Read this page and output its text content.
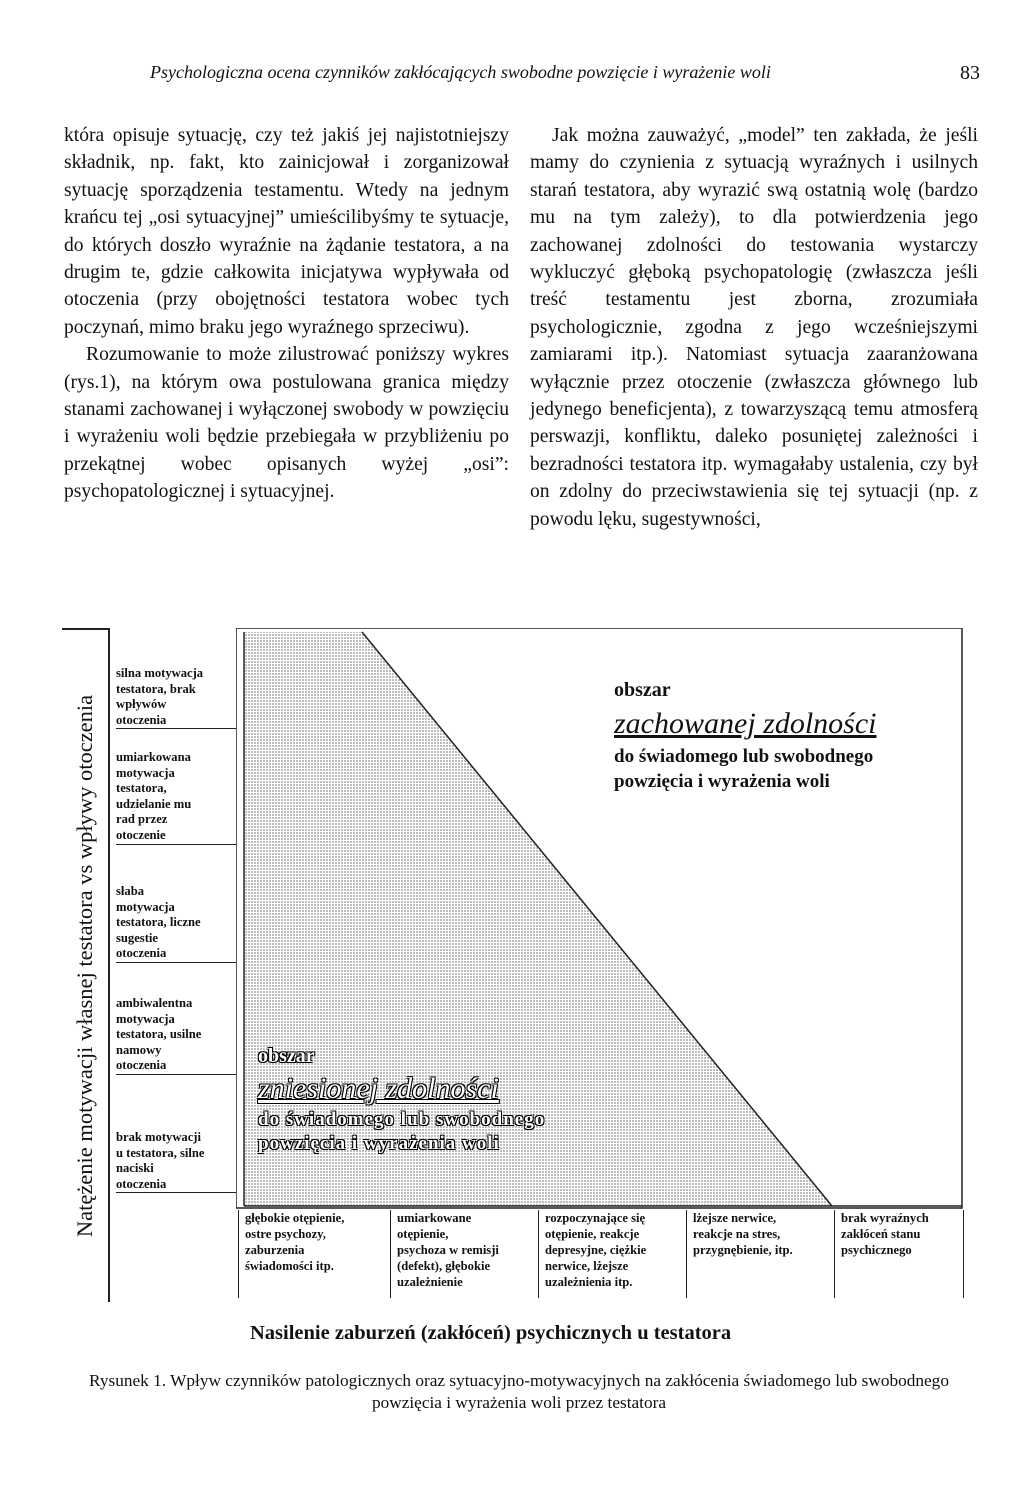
Psychologiczna ocena czynników zakłócających swobodne powzięcie i wyrażenie woli	83

która opisuje sytuację, czy też jakiś jej najistotniejszy składnik, np. fakt, kto zainicjował i zorganizował sytuację sporządzenia testamentu. Wtedy na jednym krańcu tej „osi sytuacyjnej” umieścilibyśmy te sytuacje, do których doszło wyraźnie na żądanie testatora, a na drugim te, gdzie całkowita inicjatywa wypływała od otoczenia (przy obojętności testatora wobec tych poczynań, mimo braku jego wyraźnego sprzeciwu).

Rozumowanie to może zilustrować poniższy wykres (rys.1), na którym owa postulowana granica między stanami zachowanej i wyłączonej swobody w powzięciu i wyrażeniu woli będzie przebiegała w przybliżeniu po przekątnej wobec opisanych wyżej „osi”: psychopatologicznej i sytuacyjnej.

Jak można zauważyć, „model” ten zakłada, że jeśli mamy do czynienia z sytuacją wyraźnych i usilnych starań testatora, aby wyrazić swą ostatnią wolę (bardzo mu na tym zależy), to dla potwierdzenia jego zachowanej zdolności do testowania wystarczy wykluczyć głęboką psychopatologię (zwłaszcza jeśli treść testamentu jest zborna, zrozumiała psychologicznie, zgodna z jego wcześniejszymi zamiarami itp.). Natomiast sytuacja zaaranżowana wyłącznie przez otoczenie (zwłaszcza głównego lub jedynego beneficjenta), z towarzyszącą temu atmosferą perswazji, konfliktu, daleko posuniętej zależności i bezradności testatora itp. wymagałaby ustalenia, czy był on zdolny do przeciwstawienia się tej sytuacji (np. z powodu lęku, sugestywności,

Natężenie motywacji własnej testatora vs wpływy otoczenia
silna motywacja
testatora, brak
wpływów
otoczenia
umiarkowana
motywacja
testatora,
udzielanie mu
rad przez
otoczenie
słaba
motywacja
testatora, liczne
sugestie
otoczenia
ambiwalentna
motywacja
testatora, usilne
namowy
otoczenia
brak motywacji
u testatora, silne
naciski
otoczenia
obszar
zachowanej zdolności
do świadomego lub swobodnego
powzięcia i wyrażenia woli
obszar
zniesionej zdolności
do świadomego lub swobodnego
powzięcia i wyrażenia woli
głębokie otępienie,
ostre psychozy,
zaburzenia
świadomości itp.
umiarkowane
otępienie,
psychoza w remisji
(defekt), głębokie
uzależnienie
rozpoczynające się
otępienie, reakcje
depresyjne, ciężkie
nerwice, lżejsze
uzależnienia itp.
lżejsze nerwice,
reakcje na stres,
przygnębienie, itp.
brak wyraźnych
zakłóceń stanu
psychicznego
Nasilenie zaburzeń (zakłóceń) psychicznych u testatora
Rysunek 1. Wpływ czynników patologicznych oraz sytuacyjno-motywacyjnych na zakłócenia świadomego lub swobodnego powzięcia i wyrażenia woli przez testatora
